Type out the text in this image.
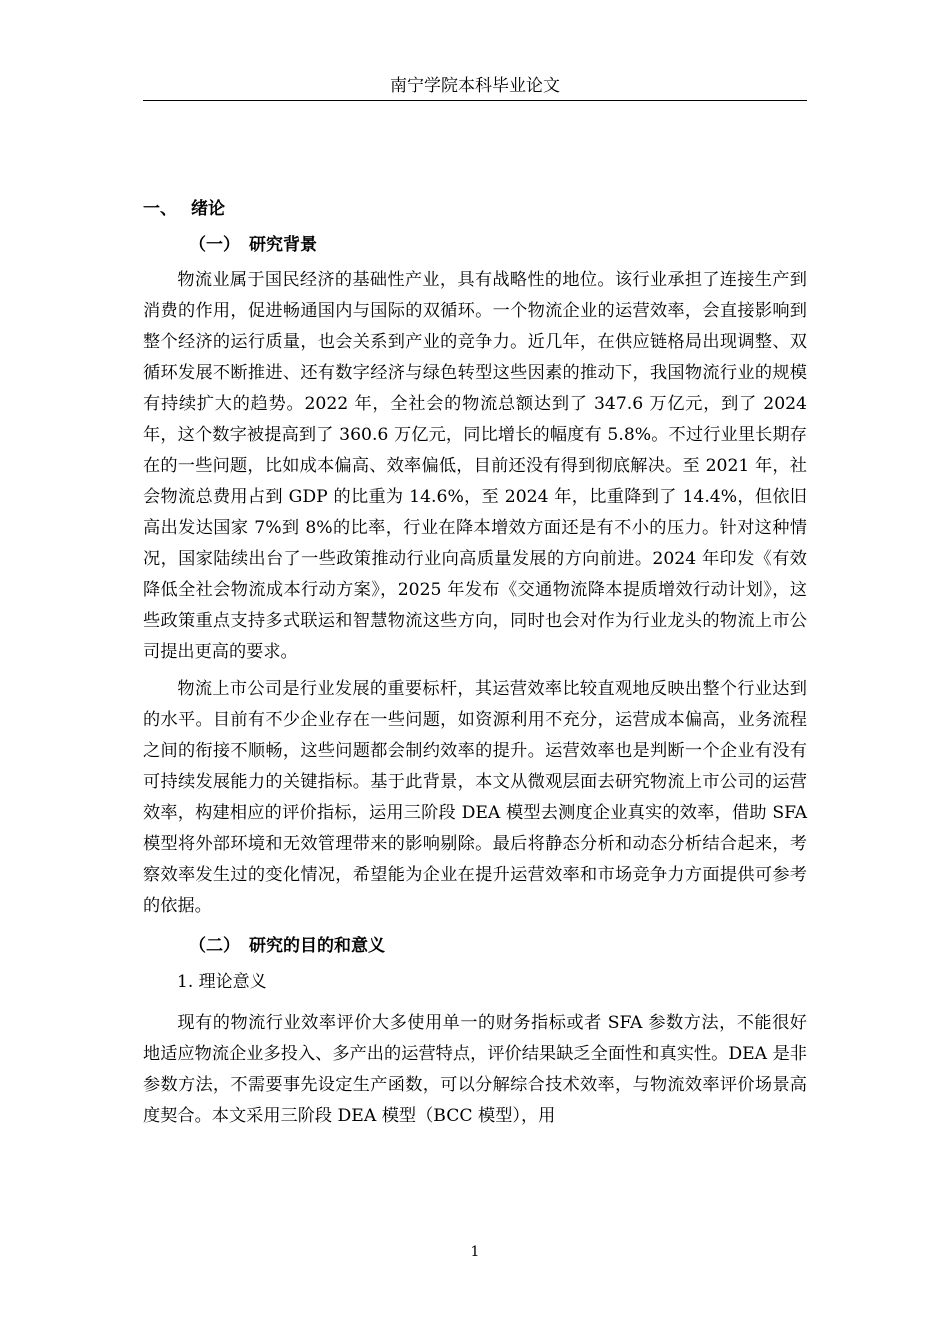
南宁学院本科毕业论文
一、 绪论
（一） 研究背景

物流业属于国民经济的基础性产业，具有战略性的地位。该行业承担了连接生产到消费的作用，促进畅通国内与国际的双循环。一个物流企业的运营效率，会直接影响到整个经济的运行质量，也会关系到产业的竞争力。近几年，在供应链格局出现调整、双循环发展不断推进、还有数字经济与绿色转型这些因素的推动下，我国物流行业的规模有持续扩大的趋势。2022 年，全社会的物流总额达到了 347.6 万亿元，到了 2024 年，这个数字被提高到了 360.6 万亿元，同比增长的幅度有 5.8%。不过行业里长期存在的一些问题，比如成本偏高、效率偏低，目前还没有得到彻底解决。至 2021 年，社会物流总费用占到 GDP 的比重为 14.6%，至 2024 年，比重降到了 14.4%，但依旧高出发达国家 7%到 8%的比率，行业在降本增效方面还是有不小的压力。针对这种情况，国家陆续出台了一些政策推动行业向高质量发展的方向前进。2024 年印发《有效降低全社会物流成本行动方案》，2025 年发布《交通物流降本提质增效行动计划》，这些政策重点支持多式联运和智慧物流这些方向，同时也会对作为行业龙头的物流上市公司提出更高的要求。

物流上市公司是行业发展的重要标杆，其运营效率比较直观地反映出整个行业达到的水平。目前有不少企业存在一些问题，如资源利用不充分，运营成本偏高，业务流程之间的衔接不顺畅，这些问题都会制约效率的提升。运营效率也是判断一个企业有没有可持续发展能力的关键指标。基于此背景，本文从微观层面去研究物流上市公司的运营效率，构建相应的评价指标，运用三阶段 DEA 模型去测度企业真实的效率，借助 SFA 模型将外部环境和无效管理带来的影响剔除。最后将静态分析和动态分析结合起来，考察效率发生过的变化情况，希望能为企业在提升运营效率和市场竞争力方面提供可参考的依据。

（二） 研究的目的和意义
1. 理论意义

现有的物流行业效率评价大多使用单一的财务指标或者 SFA 参数方法，不能很好地适应物流企业多投入、多产出的运营特点，评价结果缺乏全面性和真实性。DEA 是非参数方法，不需要事先设定生产函数，可以分解综合技术效率，与物流效率评价场景高度契合。本文采用三阶段 DEA 模型（BCC 模型），用

1
